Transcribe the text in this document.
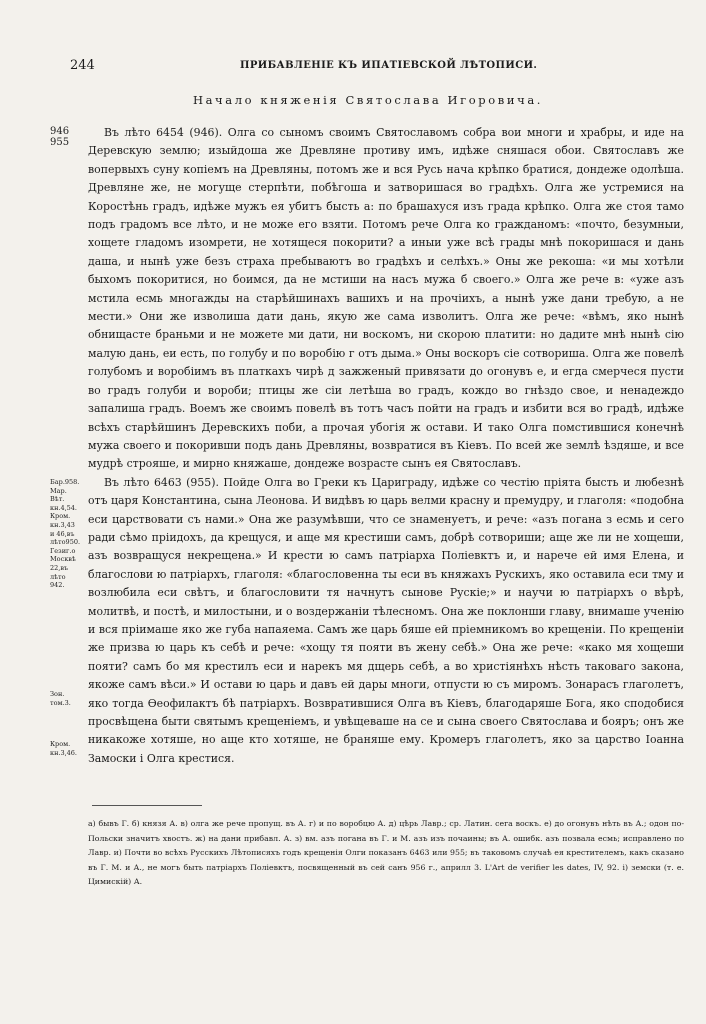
244	ПРИБАВЛЕНІЕ КЪ ИПАТІЕВСКОЙ ЛѢТОПИСИ.
Начало княженія Святослава Игоровича.
946
955
Бар.958.
Мар.
Вѣт.
кн.4,54.
Кром.
кн.3,43
и 46,въ
лѣто950.
Гезиг.о
Москвѣ
22,въ
лѣто
942.
Зон.
том.3.
Кром.
кн.3,46.

Въ лѣто 6454 (946). Олга со сыномъ своимъ Святославомъ собра вои многи и храбры, и иде на Деревскую землю; изыйдоша же Древляне противу имъ, идѣже сняшася обои. Святославъ же вопервыхъ суну копіемъ на Древляны, потомъ же и вся Русь нача крѣпко братися, дондеже одолѣша. Древляне же, не могуще стерпѣти, побѣгоша и затворишася во градѣхъ. Олга же устремися на Коростѣнь градъ, идѣже мужъ ея убитъ бысть а: по брашахуся изъ града крѣпко. Олга же стоя тамо подъ градомъ все лѣто, и не може его взяти. Потомъ рече Олга ко гражданомъ: «почто, безумныи, хощете гладомъ изомрети, не хотящеся покорити? а иныи уже всѣ грады мнѣ покоришася и дань даша, и нынѣ уже безъ страха пребываютъ во градѣхъ и селѣхъ.» Оны же рекоша: «и мы хотѣли быхомъ покоритися, но боимся, да не мстиши на насъ мужа б своего.» Олга же рече в: «уже азъ мстила есмь многажды на старѣйшинахъ вашихъ и на прочіихъ, а нынѣ уже дани требую, а не мести.» Они же изволиша дати дань, якую же сама изволитъ. Олга же рече: «вѣмъ, яко нынѣ обнищасте браньми и не можете ми дати, ни воскомъ, ни скорою платити: но дадите мнѣ нынѣ сію малую дань, еи есть, по голубу и по воробію г отъ дыма.» Оны воскоръ сіе сотвориша. Олга же повелѣ голубомъ и воробіимъ въ платкахъ чирѣ д зажженый привязати до огонувъ е, и егда смерчеся пусти во градъ голуби и вороби; птицы же сіи летѣша во градъ, кождо во гнѣздо свое, и ненадеждо запалиша градъ. Воемъ же своимъ повелѣ въ тотъ часъ пойти на градъ и избити вся во градѣ, идѣже всѣхъ старѣйшинъ Деревскихъ поби, а прочая убогія ж остави. И тако Олга помстившися конечнѣ мужа своего и покоривши подъ дань Древляны, возвратися въ Кіевъ. По всей же землѣ ѣздяше, и все мудрѣ строяше, и мирно княжаше, дондеже возрасте сынъ ея Святославъ.

Въ лѣто 6463 (955). Пойде Олга во Греки къ Цариграду, идѣже со честію пріята бысть и любезнѣ отъ царя Константина, сына Леонова. И видѣвъ ю царь велми красну и премудру, и глаголя: «подобна еси царствовати съ нами.» Она же разумѣвши, что се знаменуетъ, и рече: «азъ погана з есмь и сего ради сѣмо пріидохъ, да крещуся, и аще мя крестиши самъ, добрѣ сотвориши; аще же ли не хощеши, азъ возвращуся некрещена.» И крести ю самъ патріарха Поліевктъ и, и нарече ей имя Елена, и благослови ю патріархъ, глаголя: «благословенна ты еси въ княжахъ Рускихъ, яко оставила еси тму и возлюбила еси свѣтъ, и благословити тя начнутъ сынове Рускіе;» и научи ю патріархъ о вѣрѣ, молитвѣ, и постѣ, и милостыни, и о воздержаніи тѣлесномъ. Она же поклонши главу, внимаше ученію и вся пріимаше яко же губа напаяема. Самъ же царь бяше ей пріемникомъ во крещеніи. По крещеніи же призва ю царь къ себѣ и рече: «хощу тя пояти въ жену себѣ.» Она же рече: «како мя хощеши пояти? самъ бо мя крестилъ еси и нарекъ мя дщерь себѣ, а во христіянѣхъ нѣсть таковаго закона, якоже самъ вѣси.» И остави ю царь и давъ ей дары многи, отпусти ю съ миромъ. Зонарасъ глаголетъ, яко тогда Ѳеофилактъ бѣ патріархъ. Возвратившися Олга въ Кіевъ, благодаряше Бога, яко сподобися просвѣщена быти святымъ крещеніемъ, и увѣщеваше на се и сына своего Святослава и бояръ; онъ же никакоже хотяше, но аще кто хотяше, не браняше ему. Кромеръ глаголетъ, яко за царство Іоанна Замоски і Олга крестися.

а) бывъ Г. б) князя А. в) олга же рече пропущ. въ А. г) и по воробцю А. д) цѣрь Лавр.; ср. Латин. сега воскъ. е) до огонувъ нѣть въ А.; одон по-Польски значитъ хвостъ. ж) на дани прибавл. А. з) вм. азъ погана въ Г. и М. азъ изъ почаины; въ А. ошибк. азъ позвала есмь; исправлено по Лавр. и) Почти во всѣхъ Русскихъ Лѣтописяхъ годъ крещенія Олги показанъ 6463 или 955; въ таковомъ случаѣ ея крестителемъ, какъ сказано въ Г. М. и А., не могъ быть патріархъ Поліевктъ, посвященный въ сей санъ 956 г., априлл 3. L'Art de verifier les dates, IV, 92. і) земски (т. е. Цимискій) А.
